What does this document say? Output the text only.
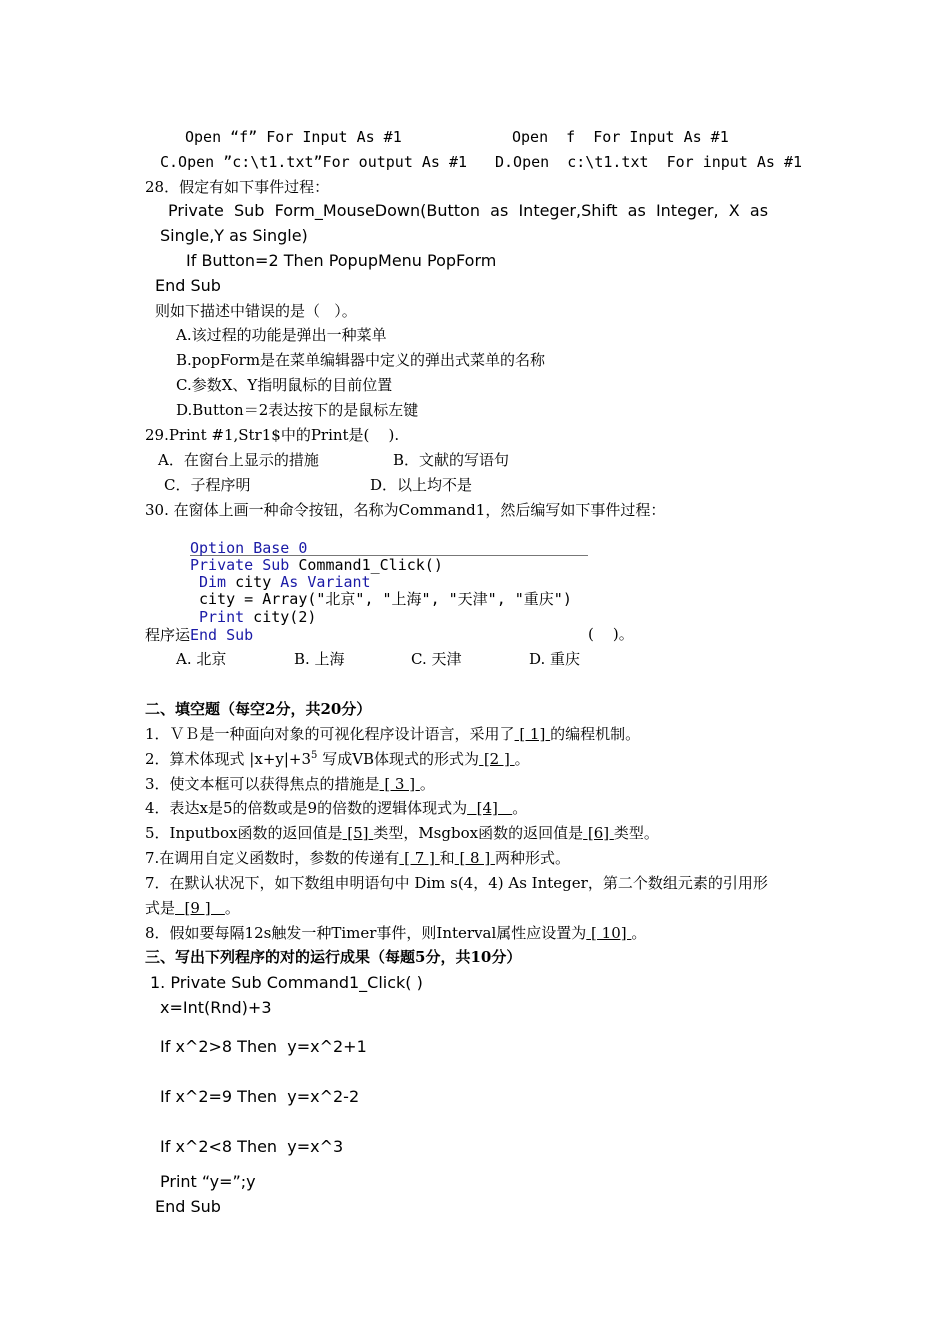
Open “f” For Input As #1	Open  f  For Input As #1
C.Open ”c:\t1.txt”For output As #1 D.Open  c:\t1.txt  For input As #1
28．假定有如下事件过程：
Private  Sub  Form_MouseDown(Button  as  Integer,Shift  as  Integer,  X  as
Single,Y as Single)
If Button=2 Then PopupMenu PopForm
End Sub
则如下描述中错误的是（   ）。
A.该过程的功能是弹出一种菜单
B.popForm是在菜单编辑器中定义的弹出式菜单的名称
C.参数X、Y指明鼠标的目前位置
D.Button＝2表达按下的是鼠标左键
29.Print #1,Str1$中的Print是(    ).
A．在窗台上显示的措施	B．文献的写语句
C．子程序明	D．以上均不是
30. 在窗体上画一种命令按钮，名称为Command1，然后编写如下事件过程：
Option Base 0
Private Sub Command1_Click()
Dim city As Variant
city = Array("北京", "上海", "天津", "重庆")
Print city(2)
End Sub
程序运	(    )。
A. 北京	B. 上海	C. 天津	D. 重庆
二、填空题（每空2分，共20分）
1．ＶＢ是一种面向对象的可视化程序设计语言，采用了 [ 1] 的编程机制。
2．算术体现式 $|x+y|+3^5$ 写成VB体现式的形式为 [2 ] 。
3．使文本框可以获得焦点的措施是 [ 3 ] 。
4．表达x是5的倍数或是9的倍数的逻辑体现式为  [4]   。
5．Inputbox函数的返回值是 [5] 类型，Msgbox函数的返回值是 [6] 类型。
7.在调用自定义函数时，参数的传递有 [ 7 ] 和 [ 8 ] 两种形式。
7．在默认状况下，如下数组申明语句中 Dim s(4，4) As Integer，第二个数组元素的引用形
式是  [9 ]   。
8．假如要每隔12s触发一种Timer事件，则Interval属性应设置为 [ 10] 。
三、写出下列程序的对的运行成果（每题5分，共10分）
1. Private Sub Command1_Click( )
x=Int(Rnd)+3
If x^2>8 Then  y=x^2+1
If x^2=9 Then  y=x^2-2
If x^2<8 Then  y=x^3
Print “y=”;y
End Sub
